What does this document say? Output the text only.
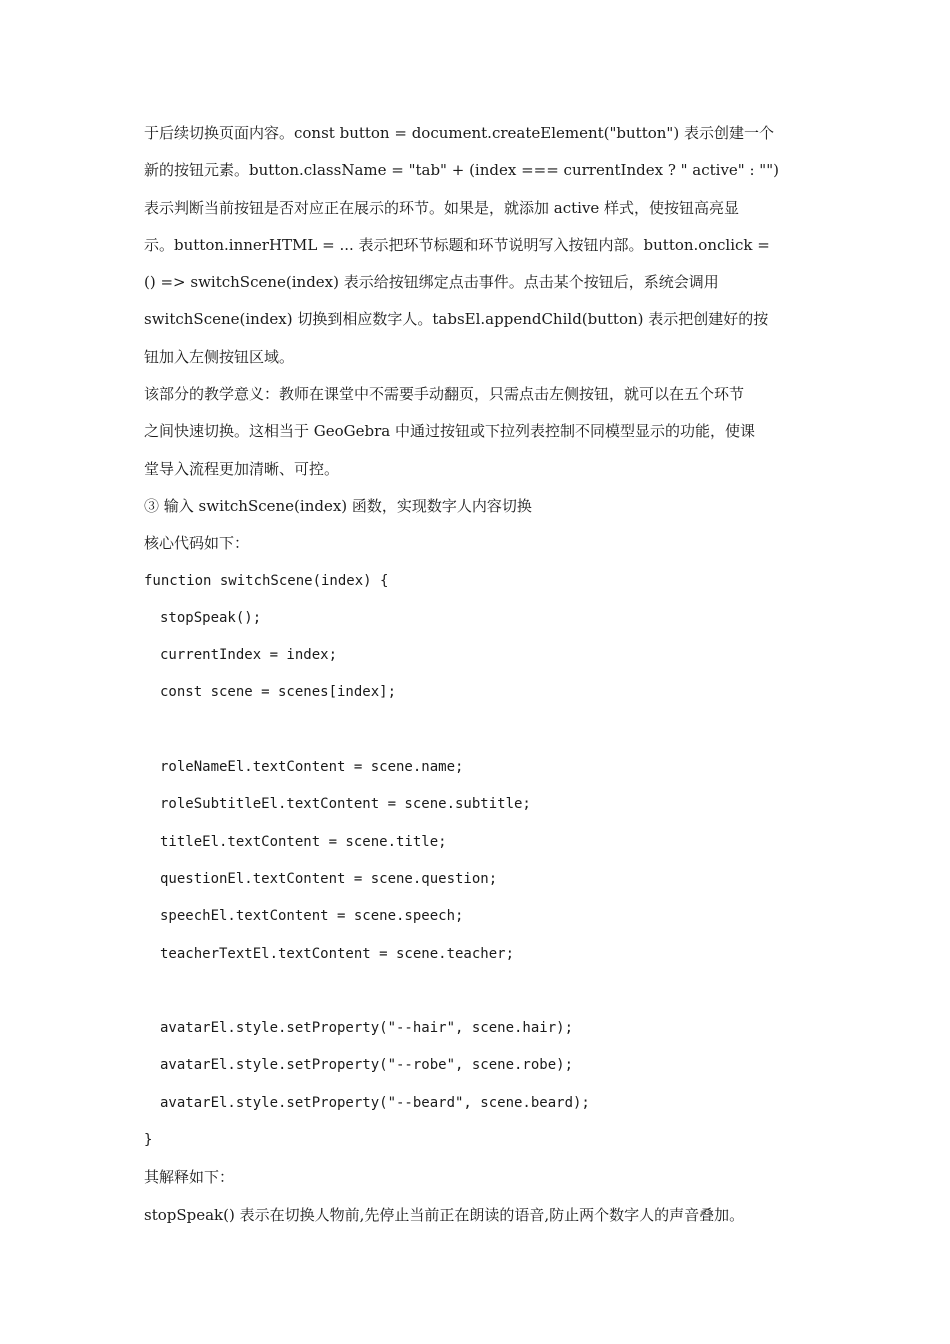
于后续切换页面内容。const button = document.createElement("button") 表示创建一个
新的按钮元素。button.className = "tab" + (index === currentIndex ? " active" : "")
表示判断当前按钮是否对应正在展示的环节。如果是，就添加 active 样式，使按钮高亮显
示。button.innerHTML = ... 表示把环节标题和环节说明写入按钮内部。button.onclick =
() => switchScene(index) 表示给按钮绑定点击事件。点击某个按钮后，系统会调用
switchScene(index) 切换到相应数字人。tabsEl.appendChild(button) 表示把创建好的按
钮加入左侧按钮区域。
该部分的教学意义：教师在课堂中不需要手动翻页，只需点击左侧按钮，就可以在五个环节
之间快速切换。这相当于 GeoGebra 中通过按钮或下拉列表控制不同模型显示的功能，使课
堂导入流程更加清晰、可控。
③ 输入 switchScene(index) 函数，实现数字人内容切换
核心代码如下：
function switchScene(index) {
stopSpeak();
currentIndex = index;
const scene = scenes[index];
roleNameEl.textContent = scene.name;
roleSubtitleEl.textContent = scene.subtitle;
titleEl.textContent = scene.title;
questionEl.textContent = scene.question;
speechEl.textContent = scene.speech;
teacherTextEl.textContent = scene.teacher;
avatarEl.style.setProperty("--hair", scene.hair);
avatarEl.style.setProperty("--robe", scene.robe);
avatarEl.style.setProperty("--beard", scene.beard);
}
其解释如下：
stopSpeak() 表示在切换人物前,先停止当前正在朗读的语音,防止两个数字人的声音叠加。
